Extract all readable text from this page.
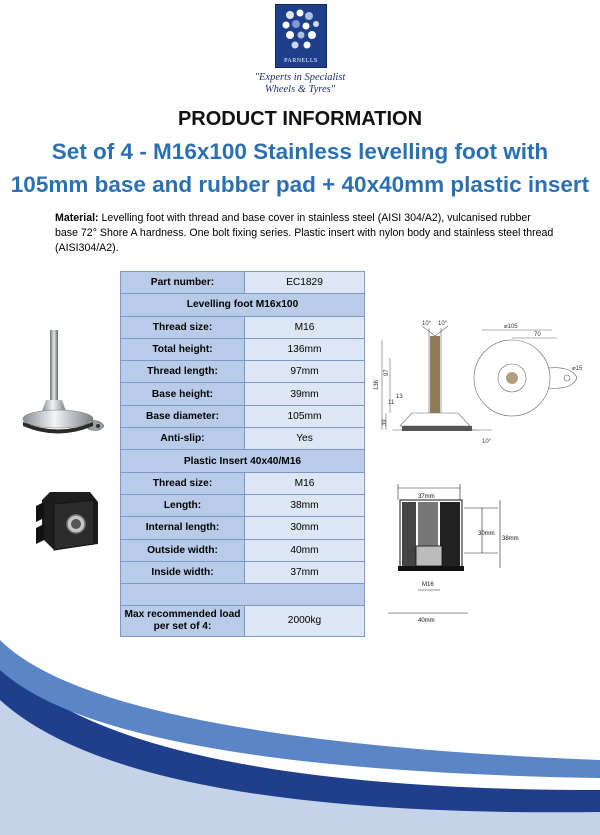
PARNELLS
"Experts in Specialist
Wheels & Tyres"
PRODUCT INFORMATION
Set of 4 - M16x100 Stainless levelling foot with
105mm base and rubber pad + 40x40mm plastic insert
Material: Levelling foot with thread and base cover in stainless steel (AISI 304/A2), vulcanised rubber base 72° Shore A hardness. One bolt fixing series. Plastic insert with nylon body and stainless steel thread (AISI304/A2).
Part number:	EC1829
Levelling foot M16x100	
Thread size:	M16
Total height:	136mm
Thread length:	97mm
Base height:	39mm
Base diameter:	105mm
Anti-slip:	Yes
Plastic Insert 40x40/M16	
Thread size:	M16
Length:	38mm
Internal length:	30mm
Outside width:	40mm
Inside width:	37mm

Max recommended load
per set of 4:	2000kg
10° 10°	⌀105
70
⌀15
136
97
13
11
39
10°
37mm
30mm
38mm
M16
40mm
